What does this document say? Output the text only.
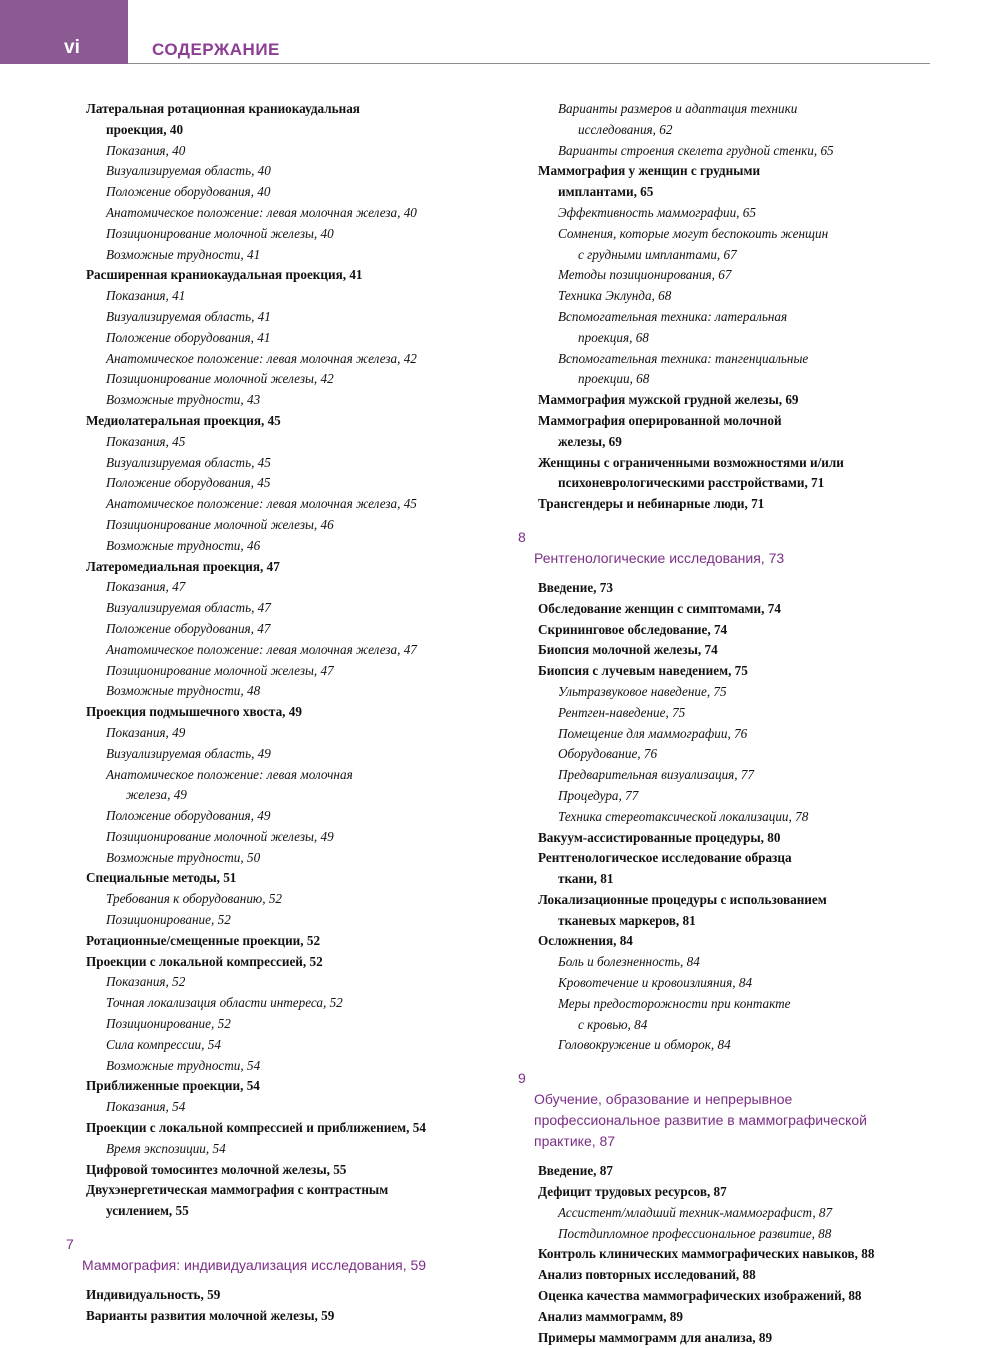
vi	СОДЕРЖАНИЕ
Латеральная ротационная краниокаудальная
проекция, 40
Показания, 40
Визуализируемая область, 40
Положение оборудования, 40
Анатомическое положение: левая молочная железа, 40
Позиционирование молочной железы, 40
Возможные трудности, 41
Расширенная краниокаудальная проекция, 41
Показания, 41
Визуализируемая область, 41
Положение оборудования, 41
Анатомическое положение: левая молочная железа, 42
Позиционирование молочной железы, 42
Возможные трудности, 43
Медиолатеральная проекция, 45
Показания, 45
Визуализируемая область, 45
Положение оборудования, 45
Анатомическое положение: левая молочная железа, 45
Позиционирование молочной железы, 46
Возможные трудности, 46
Латеромедиальная проекция, 47
Показания, 47
Визуализируемая область, 47
Положение оборудования, 47
Анатомическое положение: левая молочная железа, 47
Позиционирование молочной железы, 47
Возможные трудности, 48
Проекция подмышечного хвоста, 49
Показания, 49
Визуализируемая область, 49
Анатомическое положение: левая молочная
железа, 49
Положение оборудования, 49
Позиционирование молочной железы, 49
Возможные трудности, 50
Специальные методы, 51
Требования к оборудованию, 52
Позиционирование, 52
Ротационные/смещенные проекции, 52
Проекции с локальной компрессией, 52
Показания, 52
Точная локализация области интереса, 52
Позиционирование, 52
Сила компрессии, 54
Возможные трудности, 54
Приближенные проекции, 54
Показания, 54
Проекции с локальной компрессией и приближением, 54
Время экспозиции, 54
Цифровой томосинтез молочной железы, 55
Двухэнергетическая маммография с контрастным
усилением, 55
7
Маммография: индивидуализация исследования, 59
Индивидуальность, 59
Варианты развития молочной железы, 59
Варианты размеров и адаптация техники
исследования, 62
Варианты строения скелета грудной стенки, 65
Маммография у женщин с грудными
имплантами, 65
Эффективность маммографии, 65
Сомнения, которые могут беспокоить женщин
с грудными имплантами, 67
Методы позиционирования, 67
Техника Эклунда, 68
Вспомогательная техника: латеральная
проекция, 68
Вспомогательная техника: тангенциальные
проекции, 68
Маммография мужской грудной железы, 69
Маммография оперированной молочной
железы, 69
Женщины с ограниченными возможностями и/или
психоневрологическими расстройствами, 71
Трансгендеры и небинарные люди, 71
8
Рентгенологические исследования, 73
Введение, 73
Обследование женщин с симптомами, 74
Скрининговое обследование, 74
Биопсия молочной железы, 74
Биопсия с лучевым наведением, 75
Ультразвуковое наведение, 75
Рентген-наведение, 75
Помещение для маммографии, 76
Оборудование, 76
Предварительная визуализация, 77
Процедура, 77
Техника стереотаксической локализации, 78
Вакуум-ассистированные процедуры, 80
Рентгенологическое исследование образца
ткани, 81
Локализационные процедуры с использованием
тканевых маркеров, 81
Осложнения, 84
Боль и болезненность, 84
Кровотечение и кровоизлияния, 84
Меры предосторожности при контакте
с кровью, 84
Головокружение и обморок, 84
9
Обучение, образование и непрерывное
профессиональное развитие в маммографической
практике, 87
Введение, 87
Дефицит трудовых ресурсов, 87
Ассистент/младший техник-маммографист, 87
Постдипломное профессиональное развитие, 88
Контроль клинических маммографических навыков, 88
Анализ повторных исследований, 88
Оценка качества маммографических изображений, 88
Анализ маммограмм, 89
Примеры маммограмм для анализа, 89
